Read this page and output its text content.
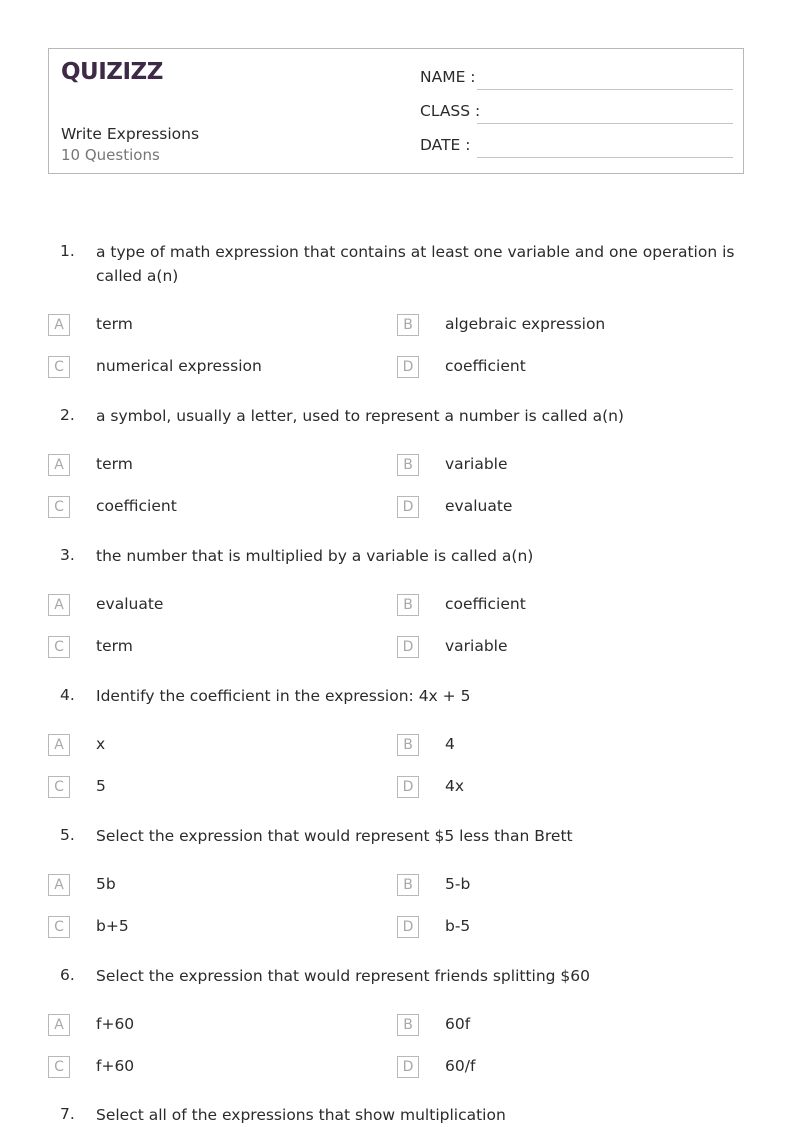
QUIZIZZ
Write Expressions
10 Questions
NAME :
CLASS :
DATE :
1. a type of math expression that contains at least one variable and one operation is called a(n)
A	term	B	algebraic expression
C	numerical expression	D	coefficient
2. a symbol, usually a letter, used to represent a number is called a(n)
A	term	B	variable
C	coefficient	D	evaluate
3. the number that is multiplied by a variable is called a(n)
A	evaluate	B	coefficient
C	term	D	variable
4. Identify the coefficient in the expression: 4x + 5
A	x	B	4
C	5	D	4x
5. Select the expression that would represent $5 less than Brett
A	5b	B	5-b
C	b+5	D	b-5
6. Select the expression that would represent friends splitting $60
A	f+60	B	60f
C	f+60	D	60/f
7. Select all of the expressions that show multiplication
